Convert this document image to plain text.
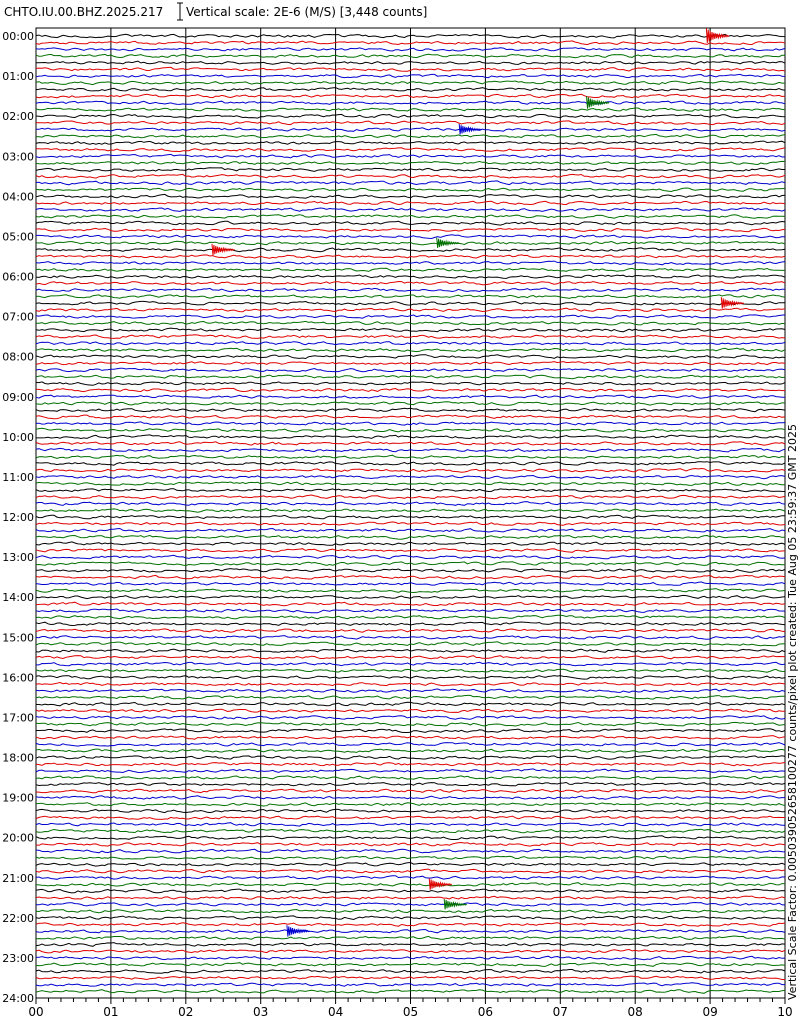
CHTO.IU.00.BHZ.2025.217 Vertical scale: 2E-6 (M/S) [3,448 counts]
00:00
01:00
02:00
03:00
04:00
05:00
06:00
07:00
08:00
09:00
10:00
11:00
12:00
13:00
14:00
15:00
16:00
17:00
18:00
19:00
20:00
21:00
22:00
23:00
24:00
00	01	02	03	04	05	06	07	08	09	10
Vertical Scale Factor: 0.005039052658100277 counts/pixel plot created: Tue Aug 05 23:59:37 GMT 2025
